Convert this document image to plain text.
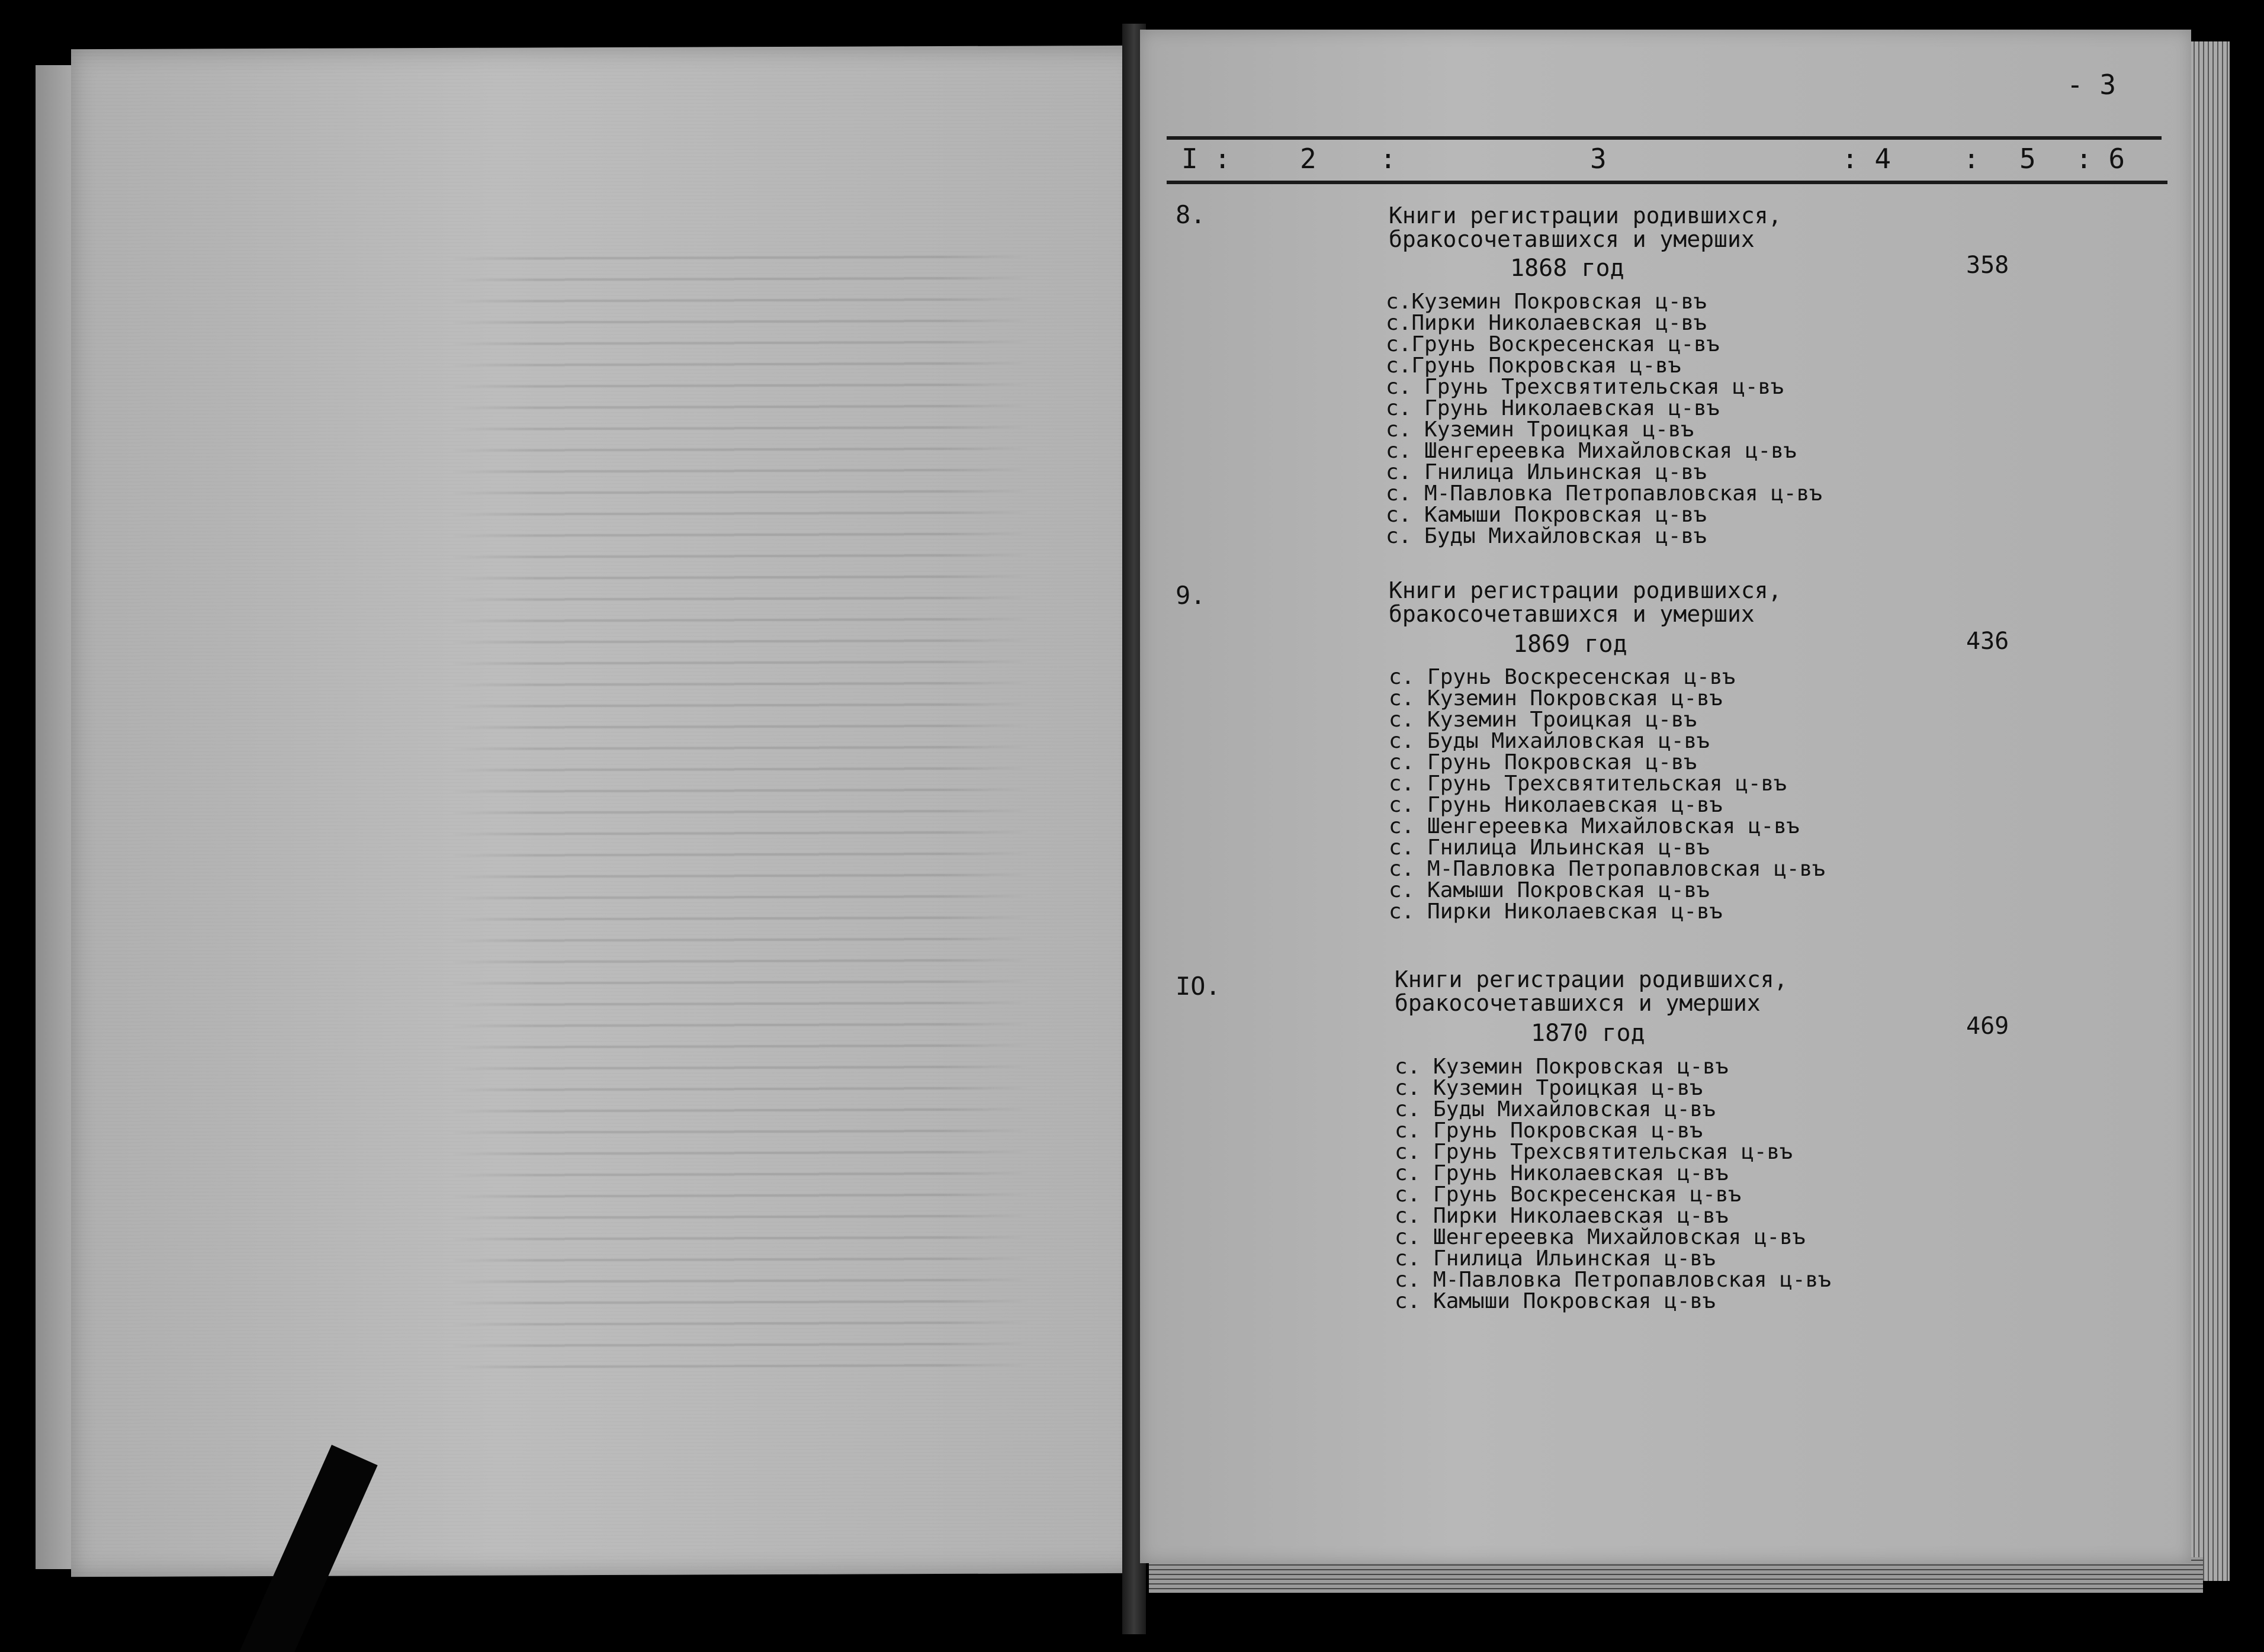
- 3
I :	2 :	3	: 4	: 5 : 6
8.	Книги регистрации родившихся,
бракосочетавшихся и умерших
1868 год	358
с.Куземин Покровская ц-въ
с.Пирки Николаевская ц-въ
с.Грунь Воскресенская ц-въ
с.Грунь Покровская ц-въ
с. Грунь Трехсвятительская ц-въ
с. Грунь Николаевская ц-въ
с. Куземин Троицкая ц-въ
с. Шенгереевка Михайловская ц-въ
с. Гнилица Ильинская ц-въ
с. М-Павловка Петропавловская ц-въ
с. Камыши Покровская ц-въ
с. Буды Михайловская ц-въ
9.	Книги регистрации родившихся,
бракосочетавшихся и умерших
1869 год	436
с. Грунь Воскресенская ц-въ
с. Куземин Покровская ц-въ
с. Куземин Троицкая ц-въ
с. Буды Михайловская ц-въ
с. Грунь Покровская ц-въ
с. Грунь Трехсвятительская ц-въ
с. Грунь Николаевская ц-въ
с. Шенгереевка Михайловская ц-въ
с. Гнилица Ильинская ц-въ
с. М-Павловка Петропавловская ц-въ
с. Камыши Покровская ц-въ
с. Пирки Николаевская ц-въ
IO.	Книги регистрации родившихся,
бракосочетавшихся и умерших
1870 год	469
с. Куземин Покровская ц-въ
с. Куземин Троицкая ц-въ
с. Буды Михайловская ц-въ
с. Грунь Покровская ц-въ
с. Грунь Трехсвятительская ц-въ
с. Грунь Николаевская ц-въ
с. Грунь Воскресенская ц-въ
с. Пирки Николаевская ц-въ
с. Шенгереевка Михайловская ц-въ
с. Гнилица Ильинская ц-въ
с. М-Павловка Петропавловская ц-въ
с. Камыши Покровская ц-въ
